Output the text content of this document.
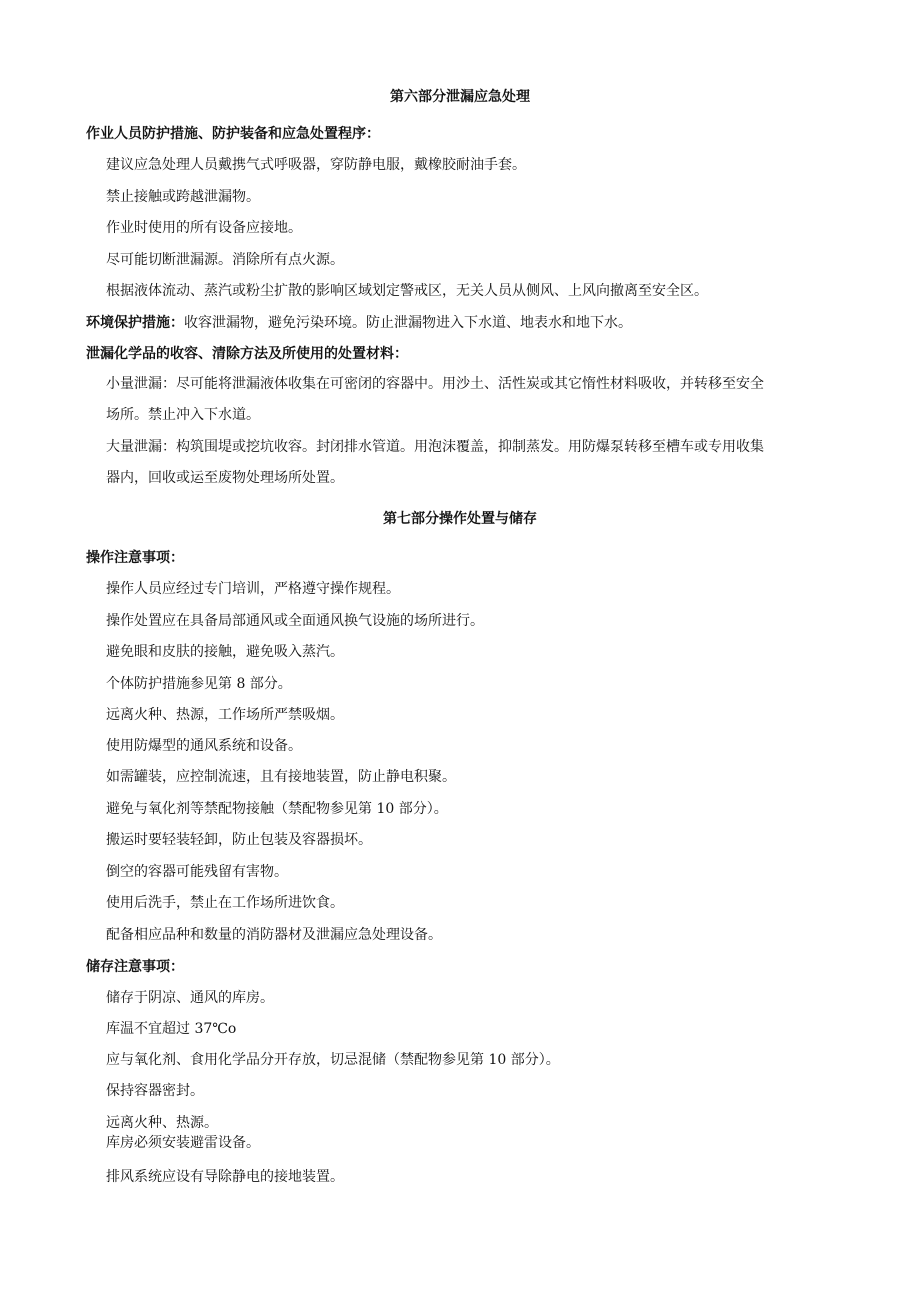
第六部分泄漏应急处理
作业人员防护措施、防护装备和应急处置程序：
建议应急处理人员戴携气式呼吸器，穿防静电服，戴橡胶耐油手套。
禁止接触或跨越泄漏物。
作业时使用的所有设备应接地。
尽可能切断泄漏源。消除所有点火源。
根据液体流动、蒸汽或粉尘扩散的影响区域划定警戒区，无关人员从侧风、上风向撤离至安全区。
环境保护措施：收容泄漏物，避免污染环境。防止泄漏物进入下水道、地表水和地下水。
泄漏化学品的收容、清除方法及所使用的处置材料：
小量泄漏：尽可能将泄漏液体收集在可密闭的容器中。用沙土、活性炭或其它惰性材料吸收，并转移至安全
场所。禁止冲入下水道。
大量泄漏：构筑围堤或挖坑收容。封闭排水管道。用泡沫覆盖，抑制蒸发。用防爆泵转移至槽车或专用收集
器内，回收或运至废物处理场所处置。
第七部分操作处置与储存
操作注意事项：
操作人员应经过专门培训，严格遵守操作规程。
操作处置应在具备局部通风或全面通风换气设施的场所进行。
避免眼和皮肤的接触，避免吸入蒸汽。
个体防护措施参见第 8 部分。
远离火种、热源，工作场所严禁吸烟。
使用防爆型的通风系统和设备。
如需罐装，应控制流速，且有接地装置，防止静电积聚。
避免与氧化剂等禁配物接触（禁配物参见第 10 部分）。
搬运时要轻装轻卸，防止包装及容器损坏。
倒空的容器可能残留有害物。
使用后洗手，禁止在工作场所进饮食。
配备相应品种和数量的消防器材及泄漏应急处理设备。
储存注意事项：
储存于阴凉、通风的库房。
库温不宜超过 37℃o
应与氧化剂、食用化学品分开存放，切忌混储（禁配物参见第 10 部分）。
保持容器密封。
远离火种、热源。
库房必须安装避雷设备。
排风系统应设有导除静电的接地装置。
